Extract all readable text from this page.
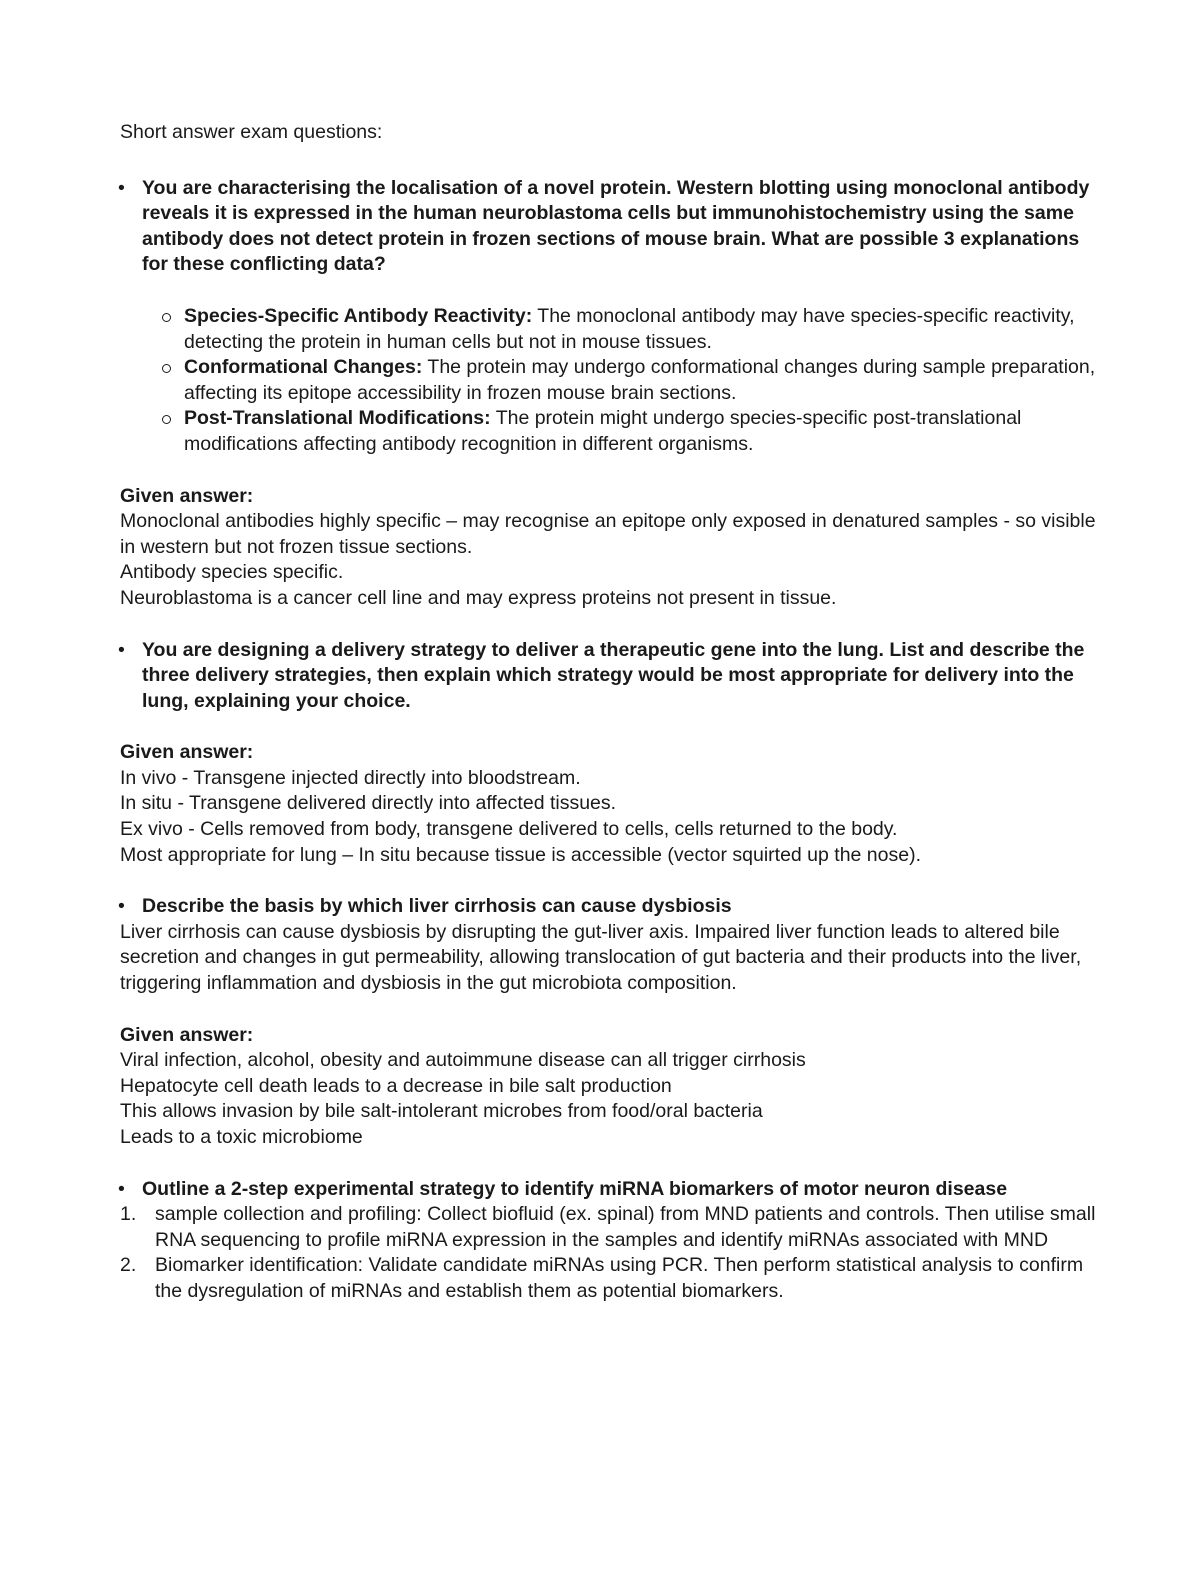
Short answer exam questions:

• You are characterising the localisation of a novel protein. Western blotting using monoclonal antibody reveals it is expressed in the human neuroblastoma cells but immunohistochemistry using the same antibody does not detect protein in frozen sections of mouse brain. What are possible 3 explanations for these conflicting data?
Species-Specific Antibody Reactivity: The monoclonal antibody may have species-specific reactivity, detecting the protein in human cells but not in mouse tissues.
Conformational Changes: The protein may undergo conformational changes during sample preparation, affecting its epitope accessibility in frozen mouse brain sections.
Post-Translational Modifications: The protein might undergo species-specific post-translational modifications affecting antibody recognition in different organisms.

Given answer:

Monoclonal antibodies highly specific – may recognise an epitope only exposed in denatured samples - so visible in western but not frozen tissue sections.

Antibody species specific.

Neuroblastoma is a cancer cell line and may express proteins not present in tissue.

• You are designing a delivery strategy to deliver a therapeutic gene into the lung. List and describe the three delivery strategies, then explain which strategy would be most appropriate for delivery into the lung, explaining your choice.

Given answer:

In vivo - Transgene injected directly into bloodstream.

In situ - Transgene delivered directly into affected tissues.

Ex vivo - Cells removed from body, transgene delivered to cells, cells returned to the body.

Most appropriate for lung – In situ because tissue is accessible (vector squirted up the nose).

• Describe the basis by which liver cirrhosis can cause dysbiosis

Liver cirrhosis can cause dysbiosis by disrupting the gut-liver axis. Impaired liver function leads to altered bile secretion and changes in gut permeability, allowing translocation of gut bacteria and their products into the liver, triggering inflammation and dysbiosis in the gut microbiota composition.

Given answer:

Viral infection, alcohol, obesity and autoimmune disease can all trigger cirrhosis

Hepatocyte cell death leads to a decrease in bile salt production

This allows invasion by bile salt-intolerant microbes from food/oral bacteria

Leads to a toxic microbiome

• Outline a 2-step experimental strategy to identify miRNA biomarkers of motor neuron disease
1. sample collection and profiling: Collect biofluid (ex. spinal) from MND patients and controls. Then utilise small RNA sequencing to profile miRNA expression in the samples and identify miRNAs associated with MND
2. Biomarker identification: Validate candidate miRNAs using PCR. Then perform statistical analysis to confirm the dysregulation of miRNAs and establish them as potential biomarkers.
